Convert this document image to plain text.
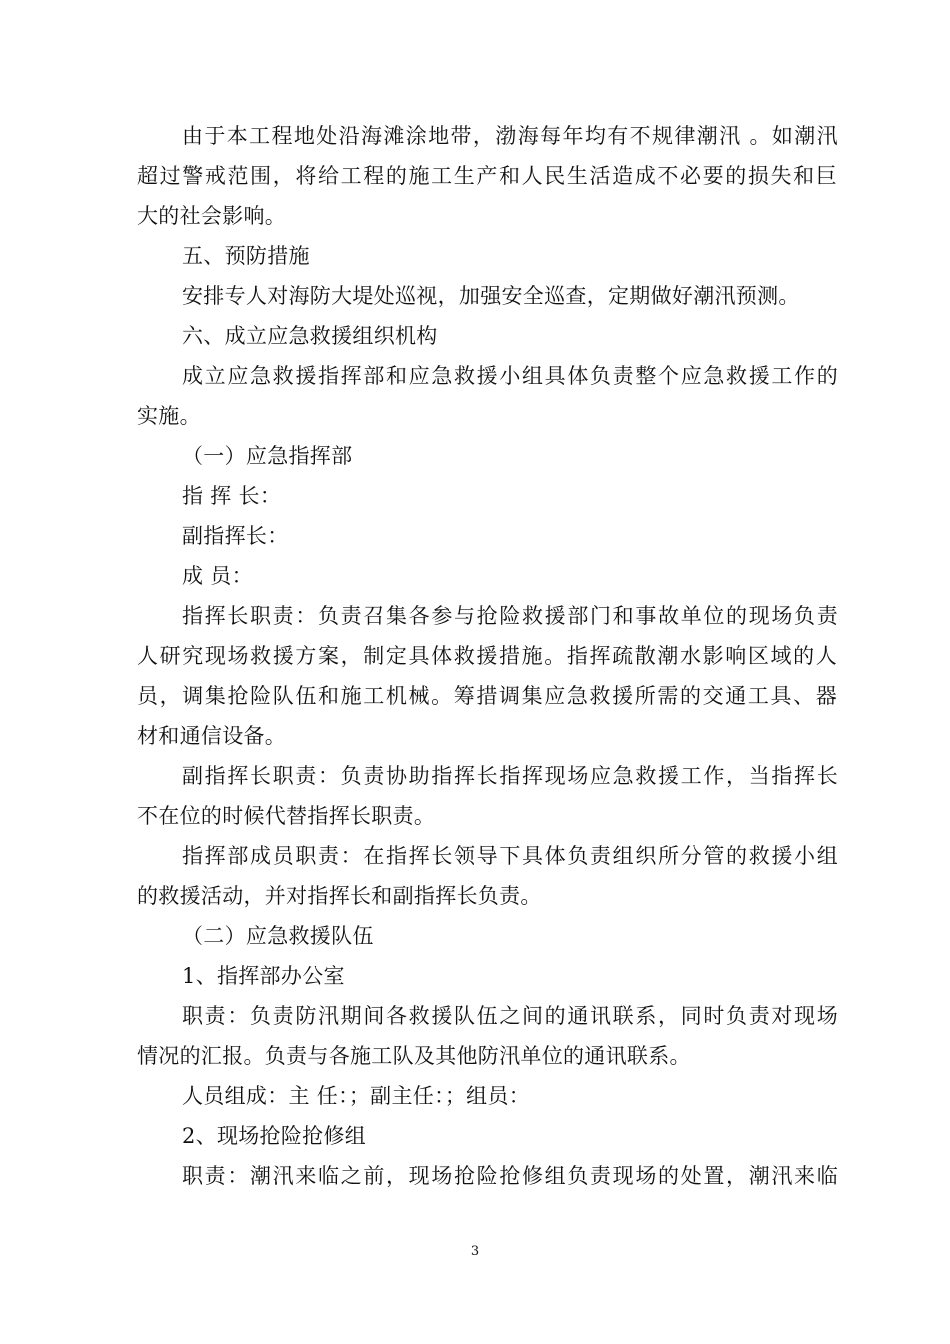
由于本工程地处沿海滩涂地带，渤海每年均有不规律潮汛 。如潮汛
超过警戒范围，将给工程的施工生产和人民生活造成不必要的损失和巨
大的社会影响。
五、预防措施
安排专人对海防大堤处巡视，加强安全巡查，定期做好潮汛预测。
六、成立应急救援组织机构
成立应急救援指挥部和应急救援小组具体负责整个应急救援工作的
实施。
（一）应急指挥部
指 挥 长：
副指挥长：
成 员：
指挥长职责：负责召集各参与抢险救援部门和事故单位的现场负责
人研究现场救援方案，制定具体救援措施。指挥疏散潮水影响区域的人
员，调集抢险队伍和施工机械。筹措调集应急救援所需的交通工具、器
材和通信设备。
副指挥长职责：负责协助指挥长指挥现场应急救援工作，当指挥长
不在位的时候代替指挥长职责。
指挥部成员职责：在指挥长领导下具体负责组织所分管的救援小组
的救援活动，并对指挥长和副指挥长负责。
（二）应急救援队伍
1、指挥部办公室
职责：负责防汛期间各救援队伍之间的通讯联系，同时负责对现场
情况的汇报。负责与各施工队及其他防汛单位的通讯联系。
人员组成：主 任：；副主任：；组员：
2、现场抢险抢修组
职责：潮汛来临之前，现场抢险抢修组负责现场的处置，潮汛来临
3
